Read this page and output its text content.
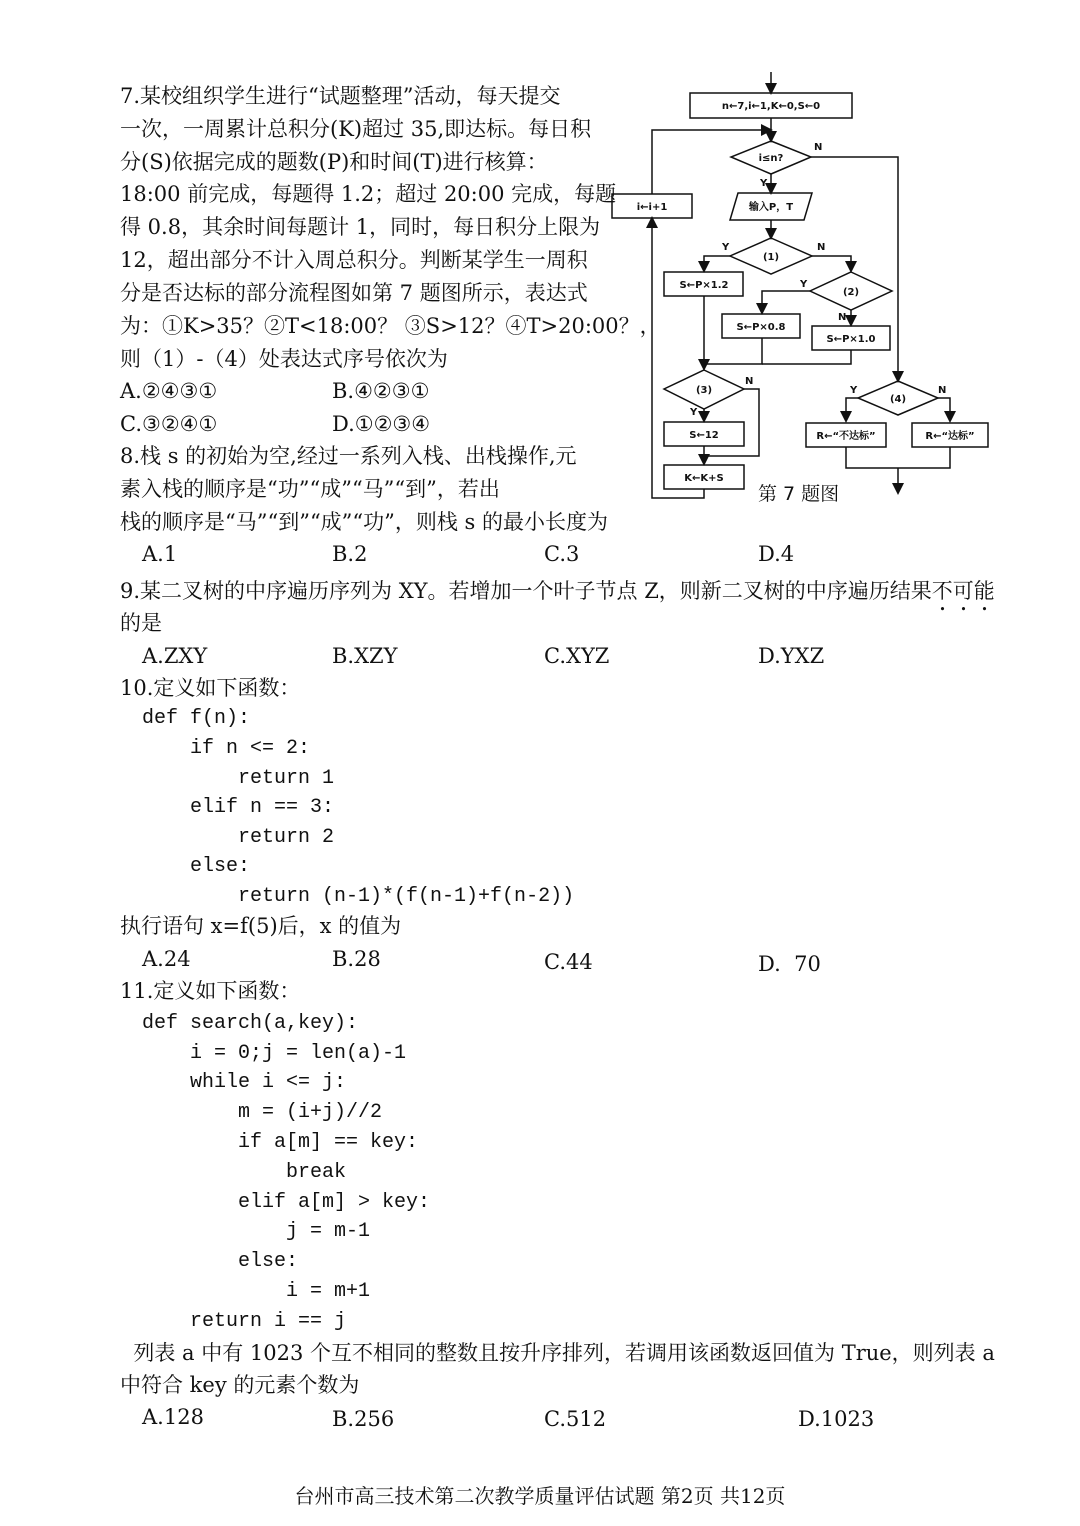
7.某校组织学生进行“试题整理”活动，每天提交
一次，一周累计总积分(K)超过 35,即达标。每日积
分(S)依据完成的题数(P)和时间(T)进行核算：
18:00 前完成，每题得 1.2；超过 20:00 完成，每题
得 0.8，其余时间每题计 1，同时，每日积分上限为
12，超出部分不计入周总积分。判断某学生一周积
分是否达标的部分流程图如第 7 题图所示，表达式
为：①K>35？②T<18:00？ ③S>12？④T>20:00？，
则（1）-（4）处表达式序号依次为
A.②④③①	B.④②③①
C.③②④①	D.①②③④
n←7,i←1,K←0,S←0
i≤n?
输入P，T
i←i+1
(1)
(2)
(3)
(4)
S←P×1.2
S←P×0.8
S←P×1.0
S←12
K←K+S
R←“不达标”	R←“达标”
N
Y
Y	N
Y
N
N
Y
Y	N
第 7 题图
8.栈 s 的初始为空,经过一系列入栈、出栈操作,元
素入栈的顺序是“功”“成”“马”“到”，若出
栈的顺序是“马”“到”“成”“功”，则栈 s 的最小长度为
A.1	B.2	C.3	D.4
9.某二叉树的中序遍历序列为 XY。若增加一个叶子节点 Z，则新二叉树的中序遍历结果不可能
的是
A.ZXY	B.XZY	C.XYZ	D.YXZ
10.定义如下函数：
def f(n):
if n <= 2:
return 1
elif n == 3:
return 2
else:
return (n-1)*(f(n-1)+f(n-2))
执行语句 x=f(5)后，x 的值为
A.24	B.28	C.44	D.  70
11.定义如下函数：
def search(a,key):
i = 0;j = len(a)-1
while i <= j:
m = (i+j)//2
if a[m] == key:
break
elif a[m] > key:
j = m-1
else:
i = m+1
return i == j
列表 a 中有 1023 个互不相同的整数且按升序排列，若调用该函数返回值为 True，则列表 a
中符合 key 的元素个数为
A.128	B.256	C.512	D.1023
台州市高三技术第二次教学质量评估试题 第2页 共12页
